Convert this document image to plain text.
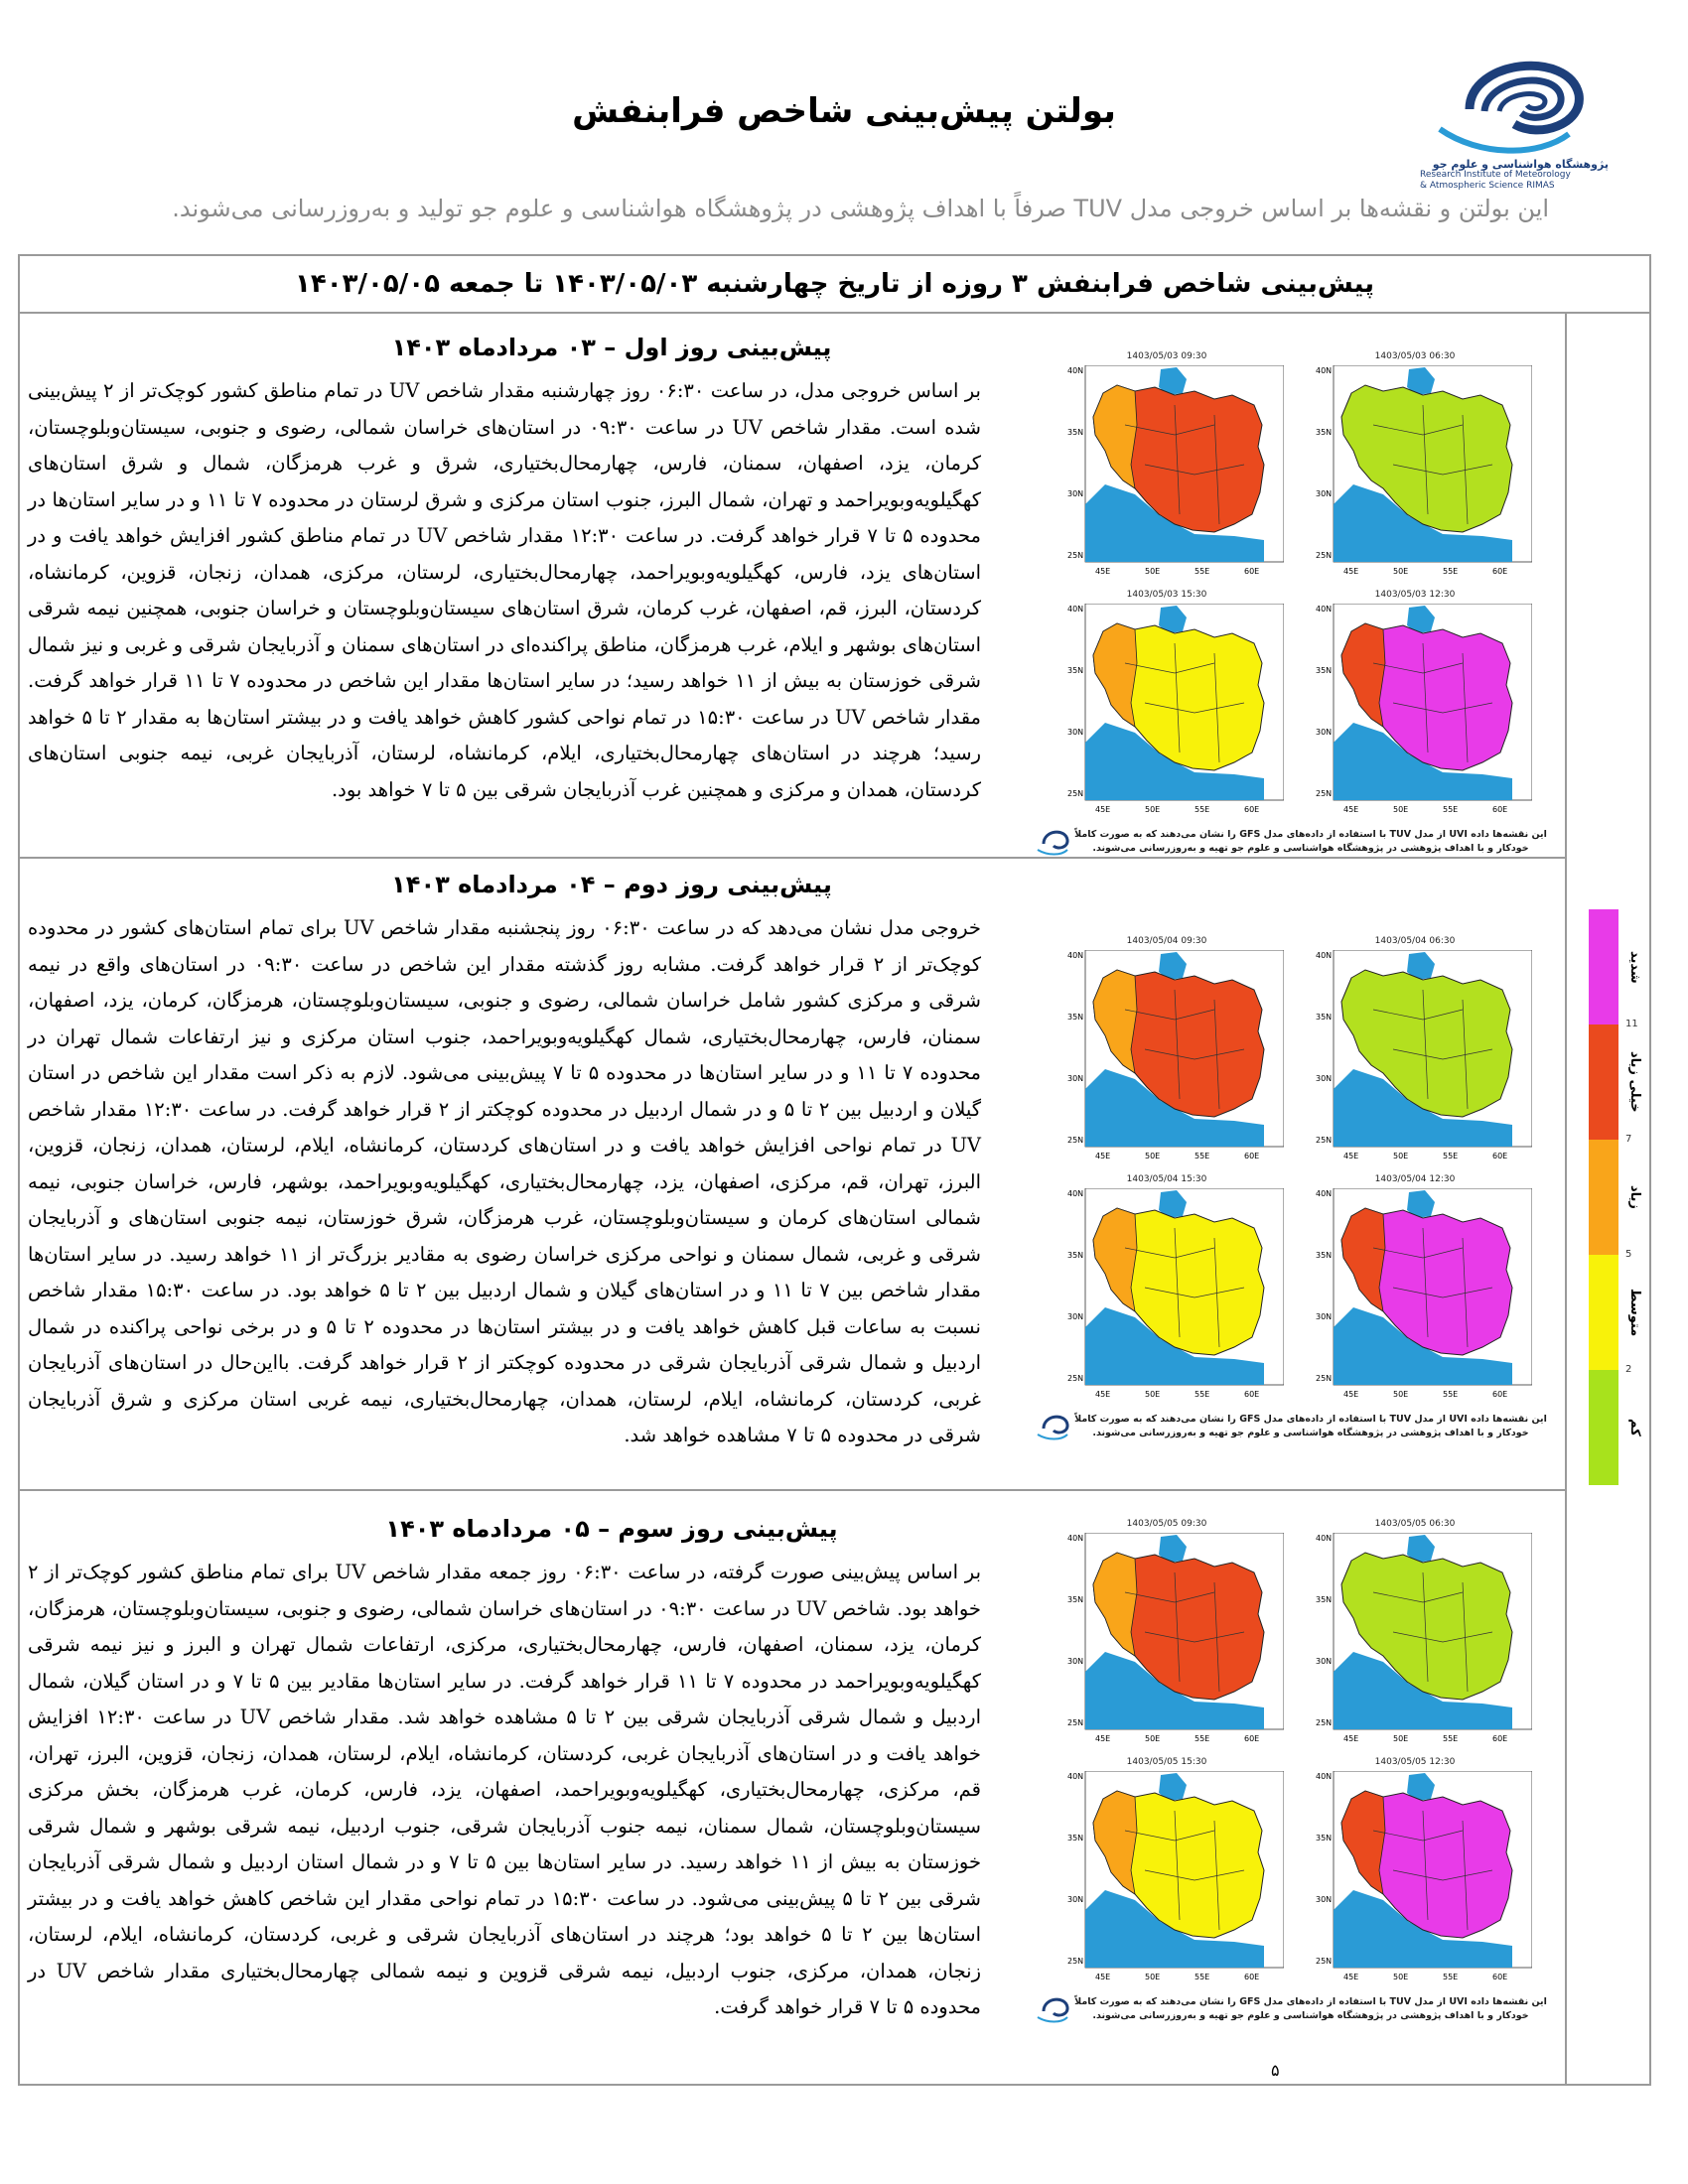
بولتن پیش‌بینی شاخص فرابنفش
پژوهشگاه هواشناسی و علوم جو
Research Institute of Meteorology
& Atmospheric Science RIMAS
این بولتن و نقشه‌ها بر اساس خروجی مدل TUV صرفاً با اهداف پژوهشی در پژوهشگاه هواشناسی و علوم جو تولید و به‌روزرسانی می‌شوند.
پیش‌بینی شاخص فرابنفش ۳ روزه از تاریخ چهارشنبه ۱۴۰۳/۰۵/۰۳ تا جمعه ۱۴۰۳/۰۵/۰۵
پیش‌بینی روز اول – ۰۳ مردادماه ۱۴۰۳
بر اساس خروجی مدل، در ساعت ۰۶:۳۰ روز چهارشنبه مقدار شاخص UV در تمام مناطق کشور کوچک‌تر از ۲ پیش‌بینی شده است. مقدار شاخص UV در ساعت ۰۹:۳۰ در استان‌های خراسان شمالی، رضوی و جنوبی، سیستان‌وبلوچستان، کرمان، یزد، اصفهان، سمنان، فارس، چهارمحال‌بختیاری، شرق و غرب هرمزگان، شمال و شرق استان‌های کهگیلویه‌وبویراحمد و تهران، شمال البرز، جنوب استان مرکزی و شرق لرستان در محدوده ۷ تا ۱۱ و در سایر استان‌ها در محدوده ۵ تا ۷ قرار خواهد گرفت. در ساعت ۱۲:۳۰ مقدار شاخص UV در تمام مناطق کشور افزایش خواهد یافت و در استان‌های یزد، فارس، کهگیلویه‌وبویراحمد، چهارمحال‌بختیاری، لرستان، مرکزی، همدان، زنجان، قزوین، کرمانشاه، کردستان، البرز، قم، اصفهان، غرب کرمان، شرق استان‌های سیستان‌وبلوچستان و خراسان جنوبی، همچنین نیمه شرقی استان‌های بوشهر و ایلام، غرب هرمزگان، مناطق پراکنده‌ای در استان‌های سمنان و آذربایجان شرقی و غربی و نیز شمال شرقی خوزستان به بیش از ۱۱ خواهد رسید؛ در سایر استان‌ها مقدار این شاخص در محدوده ۷ تا ۱۱ قرار خواهد گرفت. مقدار شاخص UV در ساعت ۱۵:۳۰ در تمام نواحی کشور کاهش خواهد یافت و در بیشتر استان‌ها به مقدار ۲ تا ۵ خواهد رسید؛ هرچند در استان‌های چهارمحال‌بختیاری، ایلام، کرمانشاه، لرستان، آذربایجان غربی، نیمه جنوبی استان‌های کردستان، همدان و مرکزی و همچنین غرب آذربایجان شرقی بین ۵ تا ۷ خواهد بود.
1403/05/03 06:30
40N
35N
30N
25N
45E	50E	55E	60E
1403/05/03 09:30
40N
35N
30N
25N
45E	50E	55E	60E
1403/05/03 12:30
40N
35N
30N
25N
45E	50E	55E	60E
1403/05/03 15:30
40N
35N
30N
25N
45E	50E	55E	60E
این نقشه‌ها داده UVI از مدل TUV با استفاده از داده‌های مدل GFS را نشان می‌دهند که به صورت کاملاً خودکار و با اهداف پژوهشی در پژوهشگاه هواشناسی و علوم جو تهیه و به‌روزرسانی می‌شوند.
پیش‌بینی روز دوم – ۰۴ مردادماه ۱۴۰۳
خروجی مدل نشان می‌دهد که در ساعت ۰۶:۳۰ روز پنجشنبه مقدار شاخص UV برای تمام استان‌های کشور در محدوده کوچک‌تر از ۲ قرار خواهد گرفت. مشابه روز گذشته مقدار این شاخص در ساعت ۰۹:۳۰ در استان‌های واقع در نیمه شرقی و مرکزی کشور شامل خراسان شمالی، رضوی و جنوبی، سیستان‌وبلوچستان، هرمزگان، کرمان، یزد، اصفهان، سمنان، فارس، چهارمحال‌بختیاری، شمال کهگیلویه‌وبویراحمد، جنوب استان مرکزی و نیز ارتفاعات شمال تهران در محدوده ۷ تا ۱۱ و در سایر استان‌ها در محدوده ۵ تا ۷ پیش‌بینی می‌شود. لازم به ذکر است مقدار این شاخص در استان گیلان و اردبیل بین ۲ تا ۵ و در شمال اردبیل در محدوده کوچکتر از ۲ قرار خواهد گرفت. در ساعت ۱۲:۳۰ مقدار شاخص UV در تمام نواحی افزایش خواهد یافت و در استان‌های کردستان، کرمانشاه، ایلام، لرستان، همدان، زنجان، قزوین، البرز، تهران، قم، مرکزی، اصفهان، یزد، چهارمحال‌بختیاری، کهگیلویه‌وبویراحمد، بوشهر، فارس، خراسان جنوبی، نیمه شمالی استان‌های کرمان و سیستان‌وبلوچستان، غرب هرمزگان، شرق خوزستان، نیمه جنوبی استان‌های و آذربایجان شرقی و غربی، شمال سمنان و نواحی مرکزی خراسان رضوی به مقادیر بزرگ‌تر از ۱۱ خواهد رسید. در سایر استان‌ها مقدار شاخص بین ۷ تا ۱۱ و در استان‌های گیلان و شمال اردبیل بین ۲ تا ۵ خواهد بود. در ساعت ۱۵:۳۰ مقدار شاخص نسبت به ساعات قبل کاهش خواهد یافت و در بیشتر استان‌ها در محدوده ۲ تا ۵ و در برخی نواحی پراکنده در شمال اردبیل و شمال شرقی آذربایجان شرقی در محدوده کوچکتر از ۲ قرار خواهد گرفت. بااین‌حال در استان‌های آذربایجان غربی، کردستان، کرمانشاه، ایلام، لرستان، همدان، چهارمحال‌بختیاری، نیمه غربی استان مرکزی و شرق آذربایجان شرقی در محدوده ۵ تا ۷ مشاهده خواهد شد.
1403/05/04 06:30
40N
35N
30N
25N
45E	50E	55E	60E
1403/05/04 09:30
40N
35N
30N
25N
45E	50E	55E	60E
1403/05/04 12:30
40N
35N
30N
25N
45E	50E	55E	60E
1403/05/04 15:30
40N
35N
30N
25N
45E	50E	55E	60E
این نقشه‌ها داده UVI از مدل TUV با استفاده از داده‌های مدل GFS را نشان می‌دهند که به صورت کاملاً خودکار و با اهداف پژوهشی در پژوهشگاه هواشناسی و علوم جو تهیه و به‌روزرسانی می‌شوند.
پیش‌بینی روز سوم – ۰۵ مردادماه ۱۴۰۳
بر اساس پیش‌بینی صورت گرفته، در ساعت ۰۶:۳۰ روز جمعه مقدار شاخص UV برای تمام مناطق کشور کوچک‌تر از ۲ خواهد بود. شاخص UV در ساعت ۰۹:۳۰ در استان‌های خراسان شمالی، رضوی و جنوبی، سیستان‌وبلوچستان، هرمزگان، کرمان، یزد، سمنان، اصفهان، فارس، چهارمحال‌بختیاری، مرکزی، ارتفاعات شمال تهران و البرز و نیز نیمه شرقی کهگیلویه‌وبویراحمد در محدوده ۷ تا ۱۱ قرار خواهد گرفت. در سایر استان‌ها مقادیر بین ۵ تا ۷ و در استان گیلان، شمال اردبیل و شمال شرقی آذربایجان شرقی بین ۲ تا ۵ مشاهده خواهد شد. مقدار شاخص UV در ساعت ۱۲:۳۰ افزایش خواهد یافت و در استان‌های آذربایجان غربی، کردستان، کرمانشاه، ایلام، لرستان، همدان، زنجان، قزوین، البرز، تهران، قم، مرکزی، چهارمحال‌بختیاری، کهگیلویه‌وبویراحمد، اصفهان، یزد، فارس، کرمان، غرب هرمزگان، بخش مرکزی سیستان‌وبلوچستان، شمال سمنان، نیمه جنوب آذربایجان شرقی، جنوب اردبیل، نیمه شرقی بوشهر و شمال شرقی خوزستان به بیش از ۱۱ خواهد رسید. در سایر استان‌ها بین ۵ تا ۷ و در شمال استان اردبیل و شمال شرقی آذربایجان شرقی بین ۲ تا ۵ پیش‌بینی می‌شود. در ساعت ۱۵:۳۰ در تمام نواحی مقدار این شاخص کاهش خواهد یافت و در بیشتر استان‌ها بین ۲ تا ۵ خواهد بود؛ هرچند در استان‌های آذربایجان شرقی و غربی، کردستان، کرمانشاه، ایلام، لرستان، زنجان، همدان، مرکزی، جنوب اردبیل، نیمه شرقی قزوین و نیمه شمالی چهارمحال‌بختیاری مقدار شاخص UV در محدوده ۵ تا ۷ قرار خواهد گرفت.
1403/05/05 06:30
40N
35N
30N
25N
45E	50E	55E	60E
1403/05/05 09:30
40N
35N
30N
25N
45E	50E	55E	60E
1403/05/05 12:30
40N
35N
30N
25N
45E	50E	55E	60E
1403/05/05 15:30
40N
35N
30N
25N
45E	50E	55E	60E
این نقشه‌ها داده UVI از مدل TUV با استفاده از داده‌های مدل GFS را نشان می‌دهند که به صورت کاملاً خودکار و با اهداف پژوهشی در پژوهشگاه هواشناسی و علوم جو تهیه و به‌روزرسانی می‌شوند.
شدید
خیلی زیاد
زیاد
متوسط
کم
11
7
5
2
۵
